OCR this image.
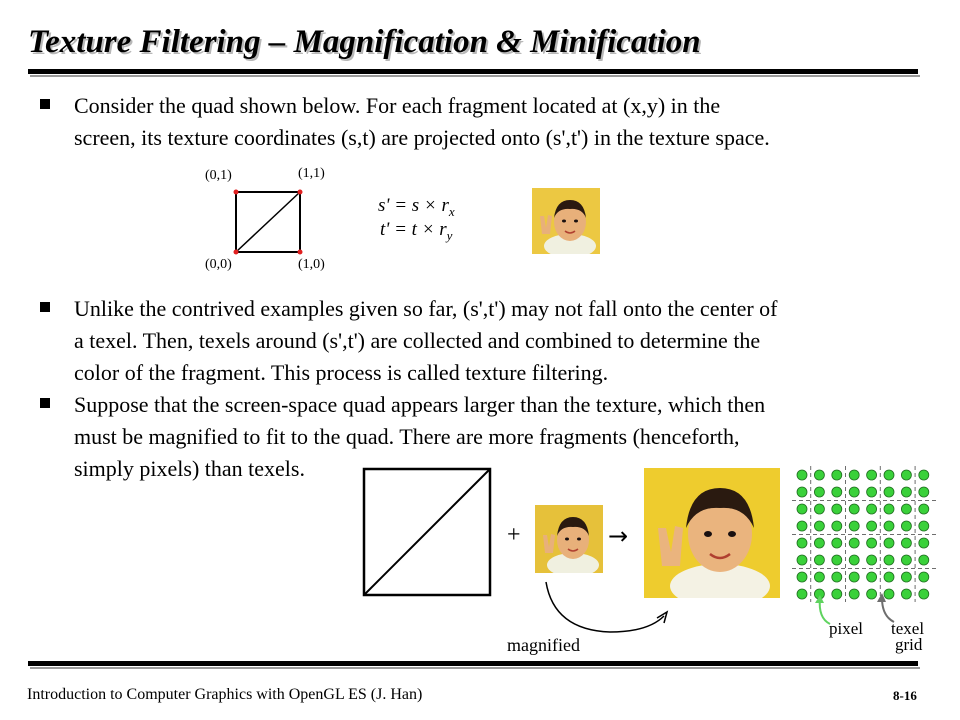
Texture Filtering – Magnification & Minification
Consider the quad shown below. For each fragment located at (x,y) in the
screen, its texture coordinates (s,t) are projected onto (s',t') in the texture space.
(0,1)	(1,1)
(0,0)	(1,0)
$s' = s \times r_x$
$t' = t \times r_y$
Unlike the contrived examples given so far, (s',t') may not fall onto the center of
a texel. Then, texels around (s',t') are collected and combined to determine the
color of the fragment. This process is called texture filtering.
Suppose that the screen-space quad appears larger than the texture, which then
must be magnified to fit to the quad. There are more fragments (henceforth,
simply pixels) than texels.
+	→
magnified
pixel texel
grid
Introduction to Computer Graphics with OpenGL ES (J. Han)	8-16
